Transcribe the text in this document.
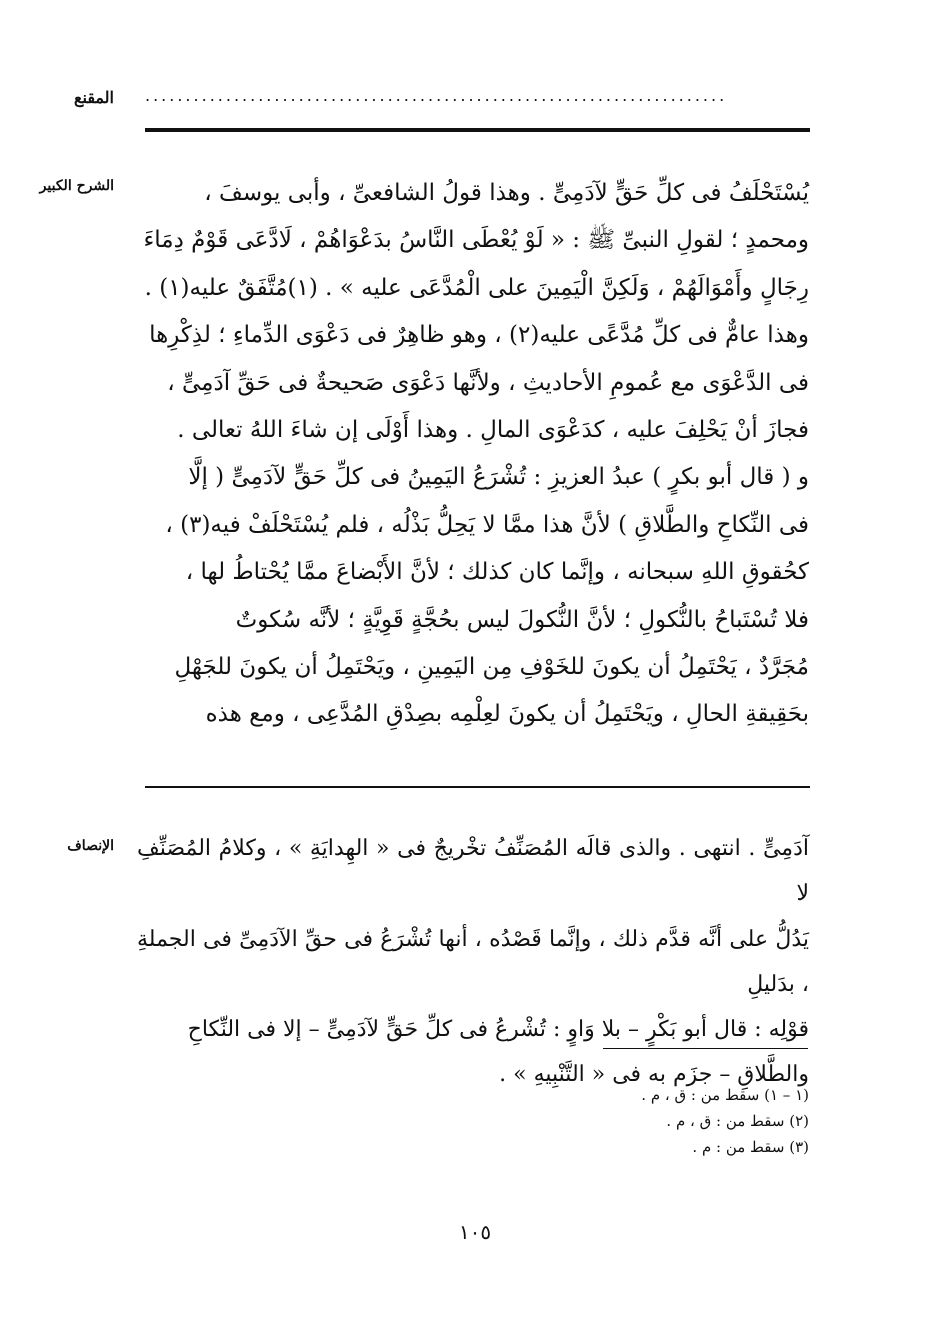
المقنع ........................................................................
الشرح الكبير	يُسْتَحْلَفُ فى كلِّ حَقٍّ لآدَمِىٍّ . وهذا قولُ الشافعىِّ ، وأبى يوسفَ ،

ومحمدٍ ؛ لقولِ النبىِّ ﷺ : « لَوْ يُعْطَى النَّاسُ بدَعْوَاهُمْ ، لَادَّعَى قَوْمٌ دِمَاءَ

رِجَالٍ وأَمْوَالَهُمْ ، وَلَكِنَّ الْيَمِينَ على الْمُدَّعَى عليه » . (١)مُتَّفَقٌ عليه(١) .

وهذا عامٌّ فى كلِّ مُدَّعًى عليه(٢) ، وهو ظاهِرٌ فى دَعْوَى الدِّماءِ ؛ لذِكْرِها

فى الدَّعْوَى مع عُمومِ الأحاديثِ ، ولأنَّها دَعْوَى صَحيحةٌ فى حَقِّ آدَمِىٍّ ،

فجازَ أنْ يَحْلِفَ عليه ، كدَعْوَى المالِ . وهذا أَوْلَى إن شاءَ اللهُ تعالى .

و ( قال أبو بكرٍ ) عبدُ العزيزِ : تُشْرَعُ اليَمِينُ فى كلِّ حَقٍّ لآدَمِىٍّ ( إلَّا

فى النِّكاحِ والطَّلاقِ ) لأنَّ هذا ممَّا لا يَحِلُّ بَذْلُه ، فلم يُسْتَحْلَفْ فيه(٣) ،

كحُقوقِ اللهِ سبحانه ، وإنَّما كان كذلك ؛ لأنَّ الأَبْضاعَ ممَّا يُحْتاطُ لها ،

فلا تُسْتَباحُ بالنُّكولِ ؛ لأنَّ النُّكولَ ليس بحُجَّةٍ قَوِيَّةٍ ؛ لأنَّه سُكوتٌ

مُجَرَّدٌ ، يَحْتَمِلُ أن يكونَ للخَوْفِ مِن اليَمِينِ ، ويَحْتَمِلُ أن يكونَ للجَهْلِ

بحَقِيقةِ الحالِ ، ويَحْتَمِلُ أن يكونَ لعِلْمِه بصِدْقِ المُدَّعِى ، ومع هذه

الإنصاف آدَمِىٍّ . انتهى . والذى قالَه المُصَنِّفُ تخْريجٌ فى « الهِدايَةِ » ، وكلامُ المُصَنِّفِ لا

يَدُلُّ على أنَّه قدَّم ذلك ، وإنَّما قَصْدُه ، أنها تُشْرَعُ فى حقِّ الآدَمِىِّ فى الجملةِ ، بدَليلِ

قوْلِه : قال أبو بَكْرٍ – بلا وَاوٍ : تُشْرعُ فى كلِّ حَقٍّ لآدَمِىٍّ – إلا فى النِّكاحِ

والطَّلاقِ – جزَم به فى « التَّنْبِيهِ » .

(١ – ١) سقط من : ق ، م .
(٢) سقط من : ق ، م .
(٣) سقط من : م .
١٠٥
